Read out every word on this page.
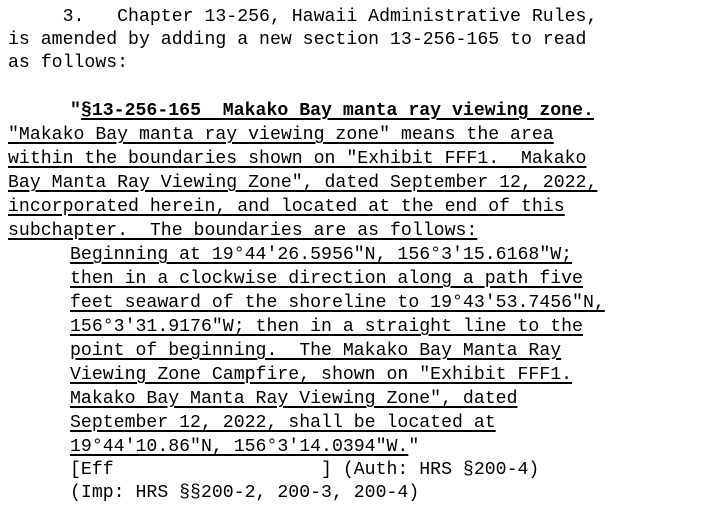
3.   Chapter 13-256, Hawaii Administrative Rules,
is amended by adding a new section 13-256-165 to read
as follows:
"§13-256-165  Makako Bay manta ray viewing zone.
"Makako Bay manta ray viewing zone" means the area
within the boundaries shown on "Exhibit FFF1.  Makako
Bay Manta Ray Viewing Zone", dated September 12, 2022,
incorporated herein, and located at the end of this
subchapter.  The boundaries are as follows:
Beginning at 19°44'26.5956"N, 156°3'15.6168"W;
then in a clockwise direction along a path five
feet seaward of the shoreline to 19°43'53.7456"N,
156°3'31.9176"W; then in a straight line to the
point of beginning.  The Makako Bay Manta Ray
Viewing Zone Campfire, shown on "Exhibit FFF1.
Makako Bay Manta Ray Viewing Zone", dated
September 12, 2022, shall be located at
19°44'10.86"N, 156°3'14.0394"W."
[Eff                   ] (Auth: HRS §200-4)
(Imp: HRS §§200-2, 200-3, 200-4)
